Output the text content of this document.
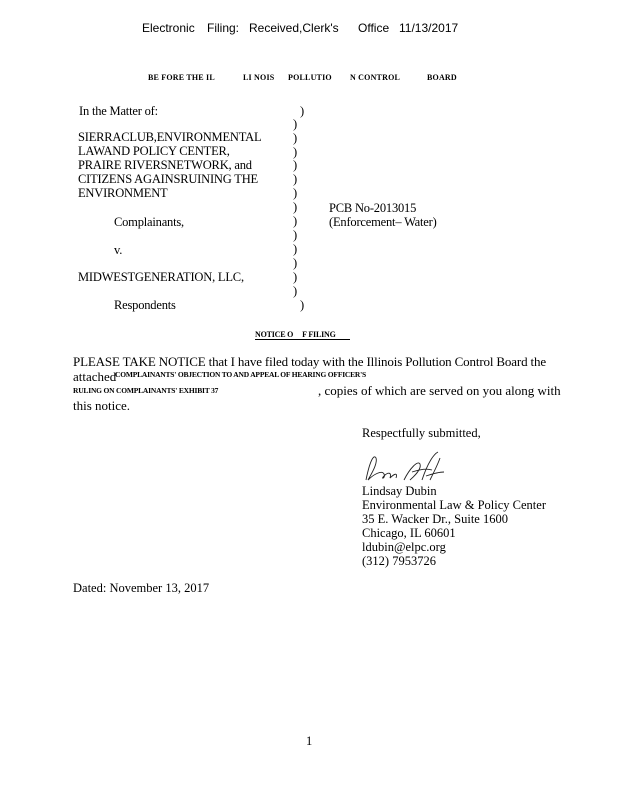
Electronic Filing: Received,Clerk's Office 11/13/2017
BE FORE THE IL	LI NOIS POLLUTIO N CONTROL	BOARD
In the Matter of:
SIERRACLUB,ENVIRONMENTAL
LAWAND POLICY CENTER,
PRAIRE RIVERSNETWORK, and
CITIZENS AGAINSRUINING THE
ENVIRONMENT
Complainants,
v.
MIDWESTGENERATION, LLC,
Respondents
)
)
)
)
)
)
)
)
)
)
)
)
)
)
)
PCB No-2013015
(Enforcement– Water)
NOTICE O     F FILING
PLEASE TAKE NOTICE that I have filed today with the Illinois Pollution Control Board the
attached
COMPLAINANTS' OBJECTION TO AND APPEAL OF HEARING OFFICER'S
RULING ON COMPLAINANTS' EXHIBIT 37	, copies of which are served on you along with
this notice.
Respectfully submitted,
Lindsay Dubin
Environmental Law & Policy Center
35 E. Wacker Dr., Suite 1600
Chicago, IL 60601
ldubin@elpc.org
(312) 7953726
Dated: November 13, 2017
1
